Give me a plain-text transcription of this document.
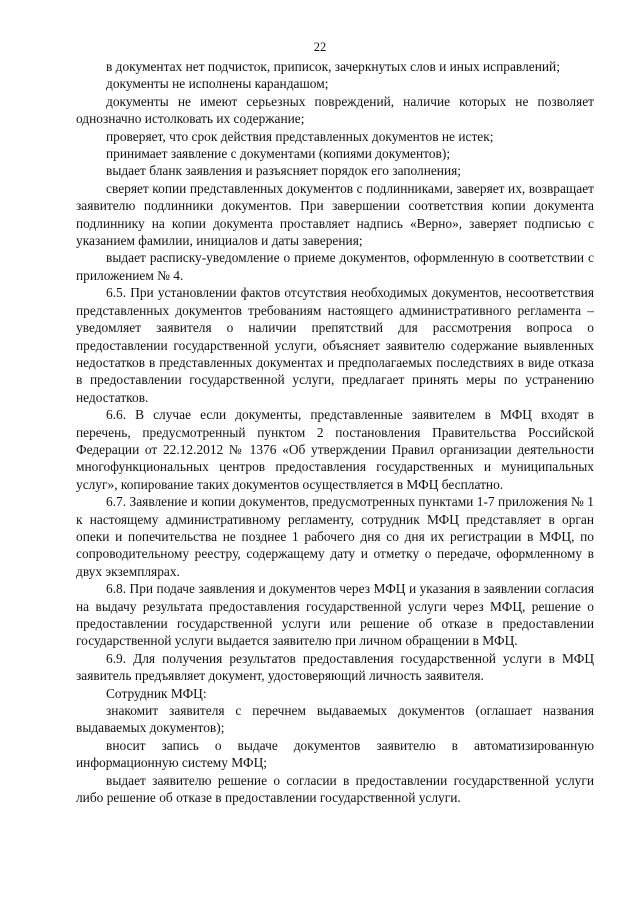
22

в документах нет подчисток, приписок, зачеркнутых слов и иных исправлений;

документы не исполнены карандашом;

документы не имеют серьезных повреждений, наличие которых не позволяет однозначно истолковать их содержание;

проверяет, что срок действия представленных документов не истек;

принимает заявление с документами (копиями документов);

выдает бланк заявления и разъясняет порядок его заполнения;

сверяет копии представленных документов с подлинниками, заверяет их, возвращает заявителю подлинники документов. При завершении соответствия копии документа подлиннику на копии документа проставляет надпись «Верно», заверяет подписью с указанием фамилии, инициалов и даты заверения;

выдает расписку-уведомление о приеме документов, оформленную в соответствии с приложением № 4.

6.5. При установлении фактов отсутствия необходимых документов, несоответствия представленных документов требованиям настоящего административного регламента – уведомляет заявителя о наличии препятствий для рассмотрения вопроса о предоставлении государственной услуги, объясняет заявителю содержание выявленных недостатков в представленных документах и предполагаемых последствиях в виде отказа в предоставлении государственной услуги, предлагает принять меры по устранению недостатков.

6.6. В случае если документы, представленные заявителем в МФЦ входят в перечень, предусмотренный пунктом 2 постановления Правительства Российской Федерации от 22.12.2012 № 1376 «Об утверждении Правил организации деятельности многофункциональных центров предоставления государственных и муниципальных услуг», копирование таких документов осуществляется в МФЦ бесплатно.

6.7. Заявление и копии документов, предусмотренных пунктами 1-7 приложения № 1 к настоящему административному регламенту, сотрудник МФЦ представляет в орган опеки и попечительства не позднее 1 рабочего дня со дня их регистрации в МФЦ, по сопроводительному реестру, содержащему дату и отметку о передаче, оформленному в двух экземплярах.

6.8. При подаче заявления и документов через МФЦ и указания в заявлении согласия на выдачу результата предоставления государственной услуги через МФЦ, решение о предоставлении государственной услуги или решение об отказе в предоставлении государственной услуги выдается заявителю при личном обращении в МФЦ.

6.9. Для получения результатов предоставления государственной услуги в МФЦ заявитель предъявляет документ, удостоверяющий личность заявителя.

Сотрудник МФЦ:

знакомит заявителя с перечнем выдаваемых документов (оглашает названия выдаваемых документов);

вносит запись о выдаче документов заявителю в автоматизированную информационную систему МФЦ;

выдает заявителю решение о согласии в предоставлении государственной услуги либо решение об отказе в предоставлении государственной услуги.
